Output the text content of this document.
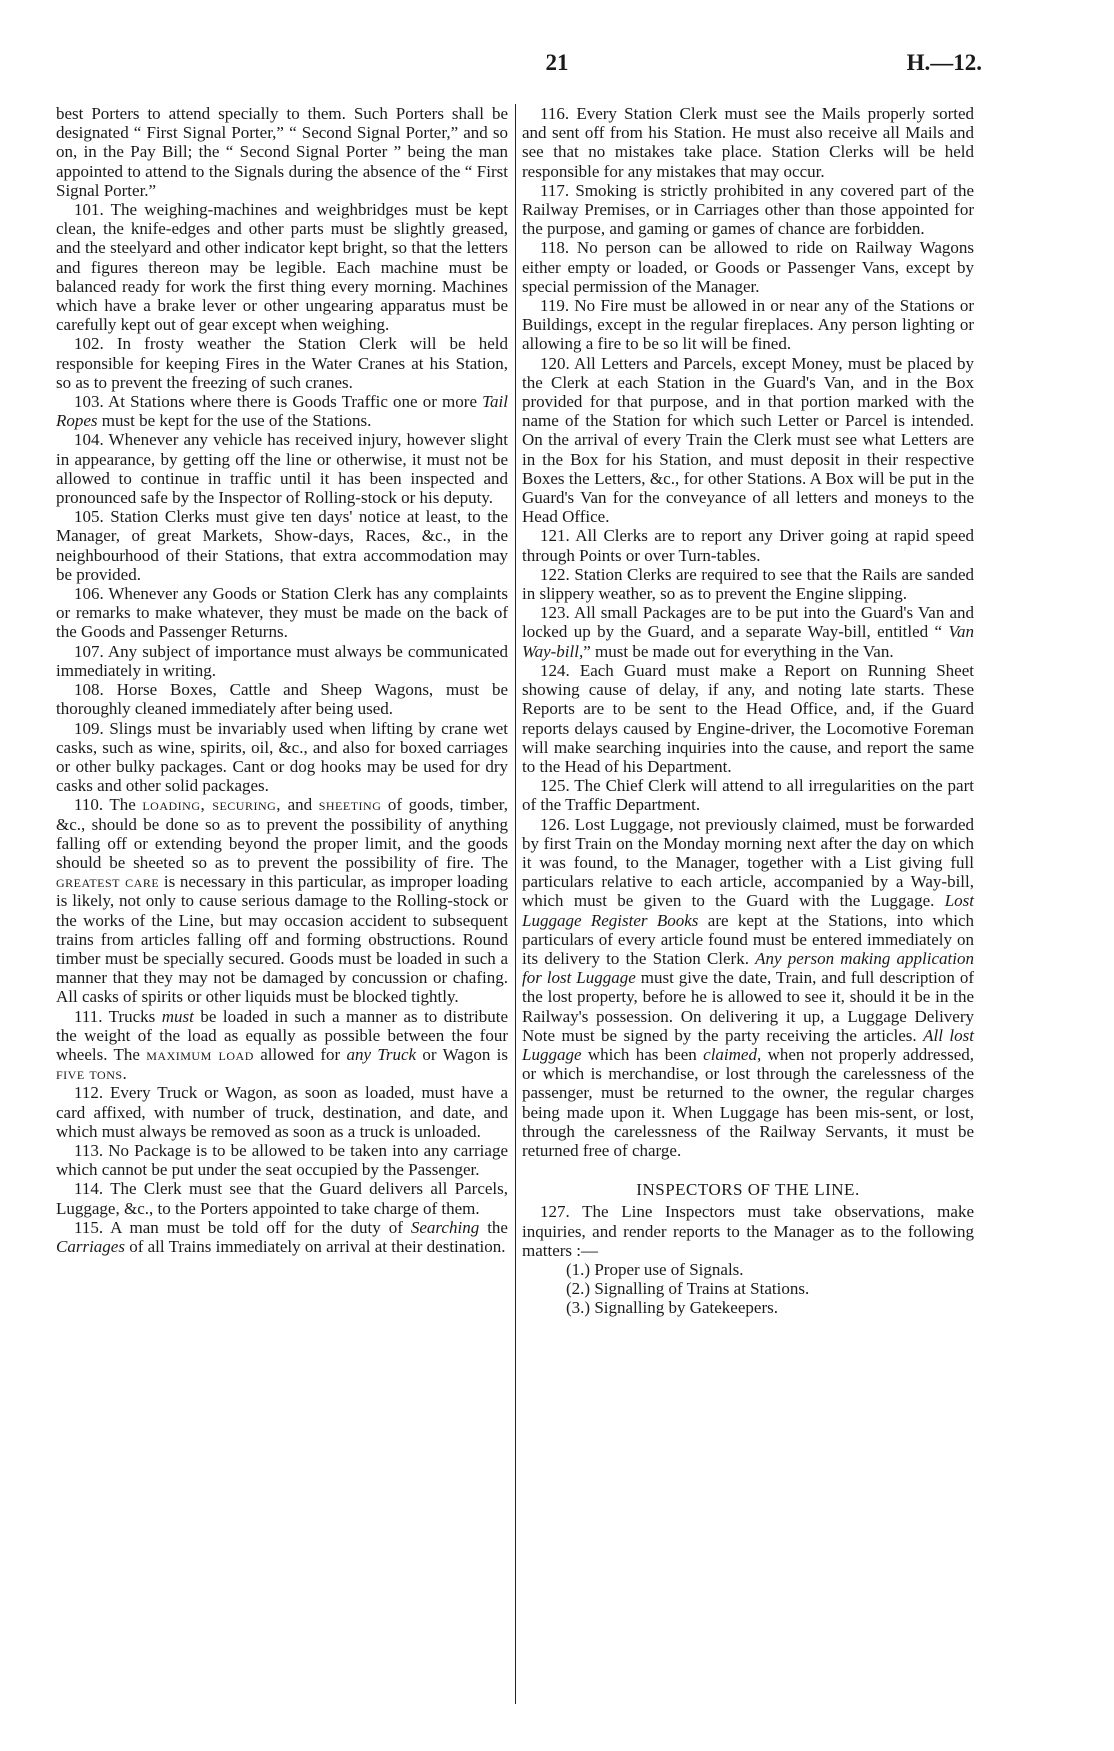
21	H.—12.

best Porters to attend specially to them. Such Porters shall be designated “ First Signal Porter,” “ Second Signal Porter,” and so on, in the Pay Bill; the “ Second Signal Porter ” being the man appointed to attend to the Signals during the absence of the “ First Signal Porter.”

101. The weighing-machines and weighbridges must be kept clean, the knife-edges and other parts must be slightly greased, and the steelyard and other indicator kept bright, so that the letters and figures thereon may be legible. Each machine must be balanced ready for work the first thing every morning. Machines which have a brake lever or other ungearing apparatus must be carefully kept out of gear except when weighing.

102. In frosty weather the Station Clerk will be held responsible for keeping Fires in the Water Cranes at his Station, so as to prevent the freezing of such cranes.

103. At Stations where there is Goods Traffic one or more Tail Ropes must be kept for the use of the Stations.

104. Whenever any vehicle has received injury, however slight in appearance, by getting off the line or otherwise, it must not be allowed to continue in traffic until it has been inspected and pronounced safe by the Inspector of Rolling-stock or his deputy.

105. Station Clerks must give ten days' notice at least, to the Manager, of great Markets, Show-days, Races, &c., in the neighbourhood of their Stations, that extra accommodation may be provided.

106. Whenever any Goods or Station Clerk has any complaints or remarks to make whatever, they must be made on the back of the Goods and Passenger Returns.

107. Any subject of importance must always be communicated immediately in writing.

108. Horse Boxes, Cattle and Sheep Wagons, must be thoroughly cleaned immediately after being used.

109. Slings must be invariably used when lifting by crane wet casks, such as wine, spirits, oil, &c., and also for boxed carriages or other bulky packages. Cant or dog hooks may be used for dry casks and other solid packages.

110. The loading, securing, and sheeting of goods, timber, &c., should be done so as to prevent the possibility of anything falling off or extending beyond the proper limit, and the goods should be sheeted so as to prevent the possibility of fire. The greatest care is necessary in this particular, as improper loading is likely, not only to cause serious damage to the Rolling-stock or the works of the Line, but may occasion accident to subsequent trains from articles falling off and forming obstructions. Round timber must be specially secured. Goods must be loaded in such a manner that they may not be damaged by concussion or chafing. All casks of spirits or other liquids must be blocked tightly.

111. Trucks must be loaded in such a manner as to distribute the weight of the load as equally as possible between the four wheels. The maximum load allowed for any Truck or Wagon is five tons.

112. Every Truck or Wagon, as soon as loaded, must have a card affixed, with number of truck, destination, and date, and which must always be removed as soon as a truck is unloaded.

113. No Package is to be allowed to be taken into any carriage which cannot be put under the seat occupied by the Passenger.

114. The Clerk must see that the Guard delivers all Parcels, Luggage, &c., to the Porters appointed to take charge of them.

115. A man must be told off for the duty of Searching the Carriages of all Trains immediately on arrival at their destination.

116. Every Station Clerk must see the Mails properly sorted and sent off from his Station. He must also receive all Mails and see that no mistakes take place. Station Clerks will be held responsible for any mistakes that may occur.

117. Smoking is strictly prohibited in any covered part of the Railway Premises, or in Carriages other than those appointed for the purpose, and gaming or games of chance are forbidden.

118. No person can be allowed to ride on Railway Wagons either empty or loaded, or Goods or Passenger Vans, except by special permission of the Manager.

119. No Fire must be allowed in or near any of the Stations or Buildings, except in the regular fireplaces. Any person lighting or allowing a fire to be so lit will be fined.

120. All Letters and Parcels, except Money, must be placed by the Clerk at each Station in the Guard's Van, and in the Box provided for that purpose, and in that portion marked with the name of the Station for which such Letter or Parcel is intended. On the arrival of every Train the Clerk must see what Letters are in the Box for his Station, and must deposit in their respective Boxes the Letters, &c., for other Stations. A Box will be put in the Guard's Van for the conveyance of all letters and moneys to the Head Office.

121. All Clerks are to report any Driver going at rapid speed through Points or over Turn-tables.

122. Station Clerks are required to see that the Rails are sanded in slippery weather, so as to prevent the Engine slipping.

123. All small Packages are to be put into the Guard's Van and locked up by the Guard, and a separate Way-bill, entitled “ Van Way-bill,” must be made out for everything in the Van.

124. Each Guard must make a Report on Running Sheet showing cause of delay, if any, and noting late starts. These Reports are to be sent to the Head Office, and, if the Guard reports delays caused by Engine-driver, the Locomotive Foreman will make searching inquiries into the cause, and report the same to the Head of his Department.

125. The Chief Clerk will attend to all irregularities on the part of the Traffic Department.

126. Lost Luggage, not previously claimed, must be forwarded by first Train on the Monday morning next after the day on which it was found, to the Manager, together with a List giving full particulars relative to each article, accompanied by a Way-bill, which must be given to the Guard with the Luggage. Lost Luggage Register Books are kept at the Stations, into which particulars of every article found must be entered immediately on its delivery to the Station Clerk. Any person making application for lost Luggage must give the date, Train, and full description of the lost property, before he is allowed to see it, should it be in the Railway's possession. On delivering it up, a Luggage Delivery Note must be signed by the party receiving the articles. All lost Luggage which has been claimed, when not properly addressed, or which is merchandise, or lost through the carelessness of the passenger, must be returned to the owner, the regular charges being made upon it. When Luggage has been mis-sent, or lost, through the carelessness of the Railway Servants, it must be returned free of charge.

INSPECTORS OF THE LINE.

127. The Line Inspectors must take observations, make inquiries, and render reports to the Manager as to the following matters :—

(1.) Proper use of Signals.
(2.) Signalling of Trains at Stations.
(3.) Signalling by Gatekeepers.
